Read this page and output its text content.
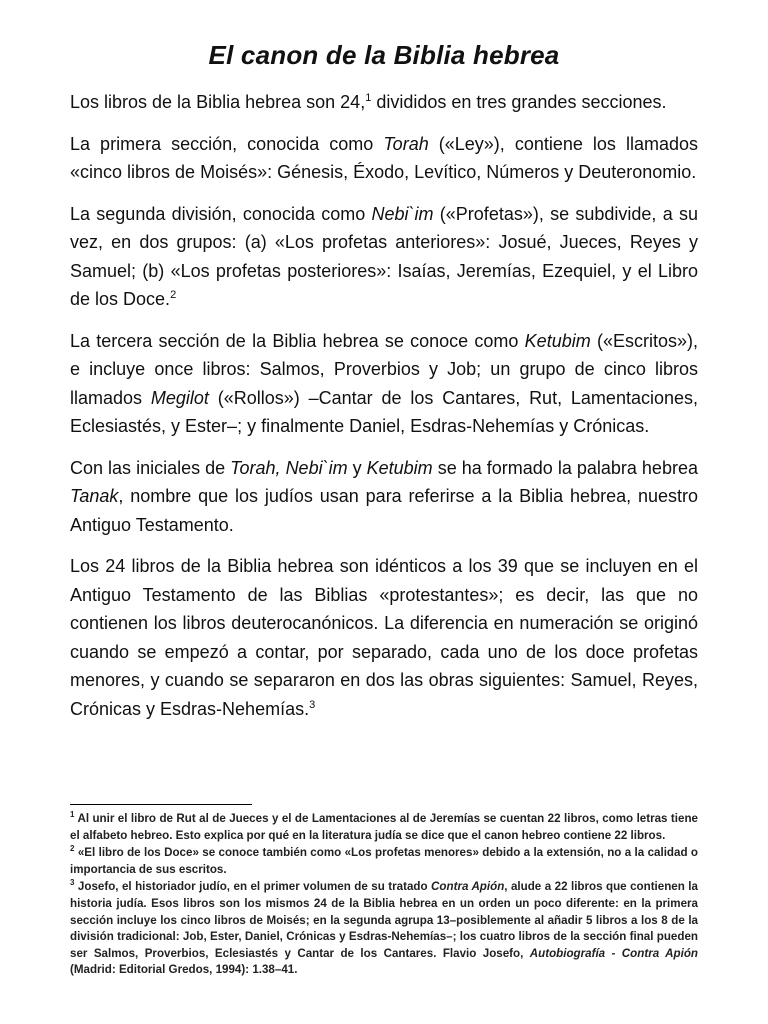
El canon de la Biblia hebrea

Los libros de la Biblia hebrea son 24,$^1$ divididos en tres grandes secciones.

La primera sección, conocida como Torah («Ley»), contiene los llamados «cinco libros de Moisés»: Génesis, Éxodo, Levítico, Números y Deuteronomio.

La segunda división, conocida como Nebi`im («Profetas»), se subdivide, a su vez, en dos grupos: (a) «Los profetas anteriores»: Josué, Jueces, Reyes y Samuel; (b) «Los profetas posteriores»: Isaías, Jeremías, Ezequiel, y el Libro de los Doce.$^2$

La tercera sección de la Biblia hebrea se conoce como Ketubim («Escritos»), e incluye once libros: Salmos, Proverbios y Job; un grupo de cinco libros llamados Megilot («Rollos») –Cantar de los Cantares, Rut, Lamentaciones, Eclesiastés, y Ester–; y finalmente Daniel, Esdras-Nehemías y Crónicas.

Con las iniciales de Torah, Nebi`im y Ketubim se ha formado la palabra hebrea Tanak, nombre que los judíos usan para referirse a la Biblia hebrea, nuestro Antiguo Testamento.

Los 24 libros de la Biblia hebrea son idénticos a los 39 que se incluyen en el Antiguo Testamento de las Biblias «protestantes»; es decir, las que no contienen los libros deuterocanónicos. La diferencia en numeración se originó cuando se empezó a contar, por separado, cada uno de los doce profetas menores, y cuando se separaron en dos las obras siguientes: Samuel, Reyes, Crónicas y Esdras-Nehemías.$^3$

$^1$ Al unir el libro de Rut al de Jueces y el de Lamentaciones al de Jeremías se cuentan 22 libros, como letras tiene el alfabeto hebreo. Esto explica por qué en la literatura judía se dice que el canon hebreo contiene 22 libros.
$^2$ «El libro de los Doce» se conoce también como «Los profetas menores» debido a la extensión, no a la calidad o importancia de sus escritos.
$^3$ Josefo, el historiador judío, en el primer volumen de su tratado Contra Apión, alude a 22 libros que contienen la historia judía. Esos libros son los mismos 24 de la Biblia hebrea en un orden un poco diferente: en la primera sección incluye los cinco libros de Moisés; en la segunda agrupa 13–posiblemente al añadir 5 libros a los 8 de la división tradicional: Job, Ester, Daniel, Crónicas y Esdras-Nehemías–; los cuatro libros de la sección final pueden ser Salmos, Proverbios, Eclesiastés y Cantar de los Cantares. Flavio Josefo, Autobiografía - Contra Apión (Madrid: Editorial Gredos, 1994): 1.38–41.
